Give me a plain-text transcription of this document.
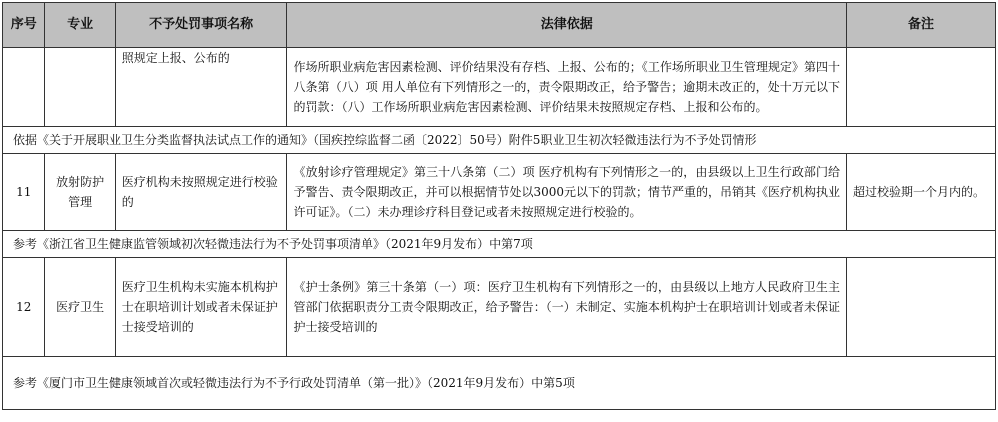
序号	专业	不予处罚事项名称	法律依据	备注
		照规定上报、公布的	作场所职业病危害因素检测、评价结果没有存档、上报、公布的；《工作场所职业卫生管理规定》第四十八条第（八）项 用人单位有下列情形之一的，责令限期改正，给予警告；逾期未改正的，处十万元以下的罚款：（八）工作场所职业病危害因素检测、评价结果未按照规定存档、上报和公布的。	
依据《关于开展职业卫生分类监督执法试点工作的通知》（国疾控综监督二函〔2022〕50号）附件5职业卫生初次轻微违法行为不予处罚情形				
11	放射防护管理	医疗机构未按照规定进行校验的	《放射诊疗管理规定》第三十八条第（二）项 医疗机构有下列情形之一的，由县级以上卫生行政部门给予警告、责令限期改正，并可以根据情节处以3000元以下的罚款；情节严重的，吊销其《医疗机构执业许可证》。（二）未办理诊疗科目登记或者未按照规定进行校验的。	超过校验期一个月内的。
参考《浙江省卫生健康监管领域初次轻微违法行为不予处罚事项清单》（2021年9月发布）中第7项				
12	医疗卫生	医疗卫生机构未实施本机构护士在职培训计划或者未保证护士接受培训的	《护士条例》第三十条第（一）项：医疗卫生机构有下列情形之一的，由县级以上地方人民政府卫生主管部门依据职责分工责令限期改正，给予警告：（一）未制定、实施本机构护士在职培训计划或者未保证护士接受培训的	
参考《厦门市卫生健康领域首次或轻微违法行为不予行政处罚清单（第一批）》（2021年9月发布）中第5项				
